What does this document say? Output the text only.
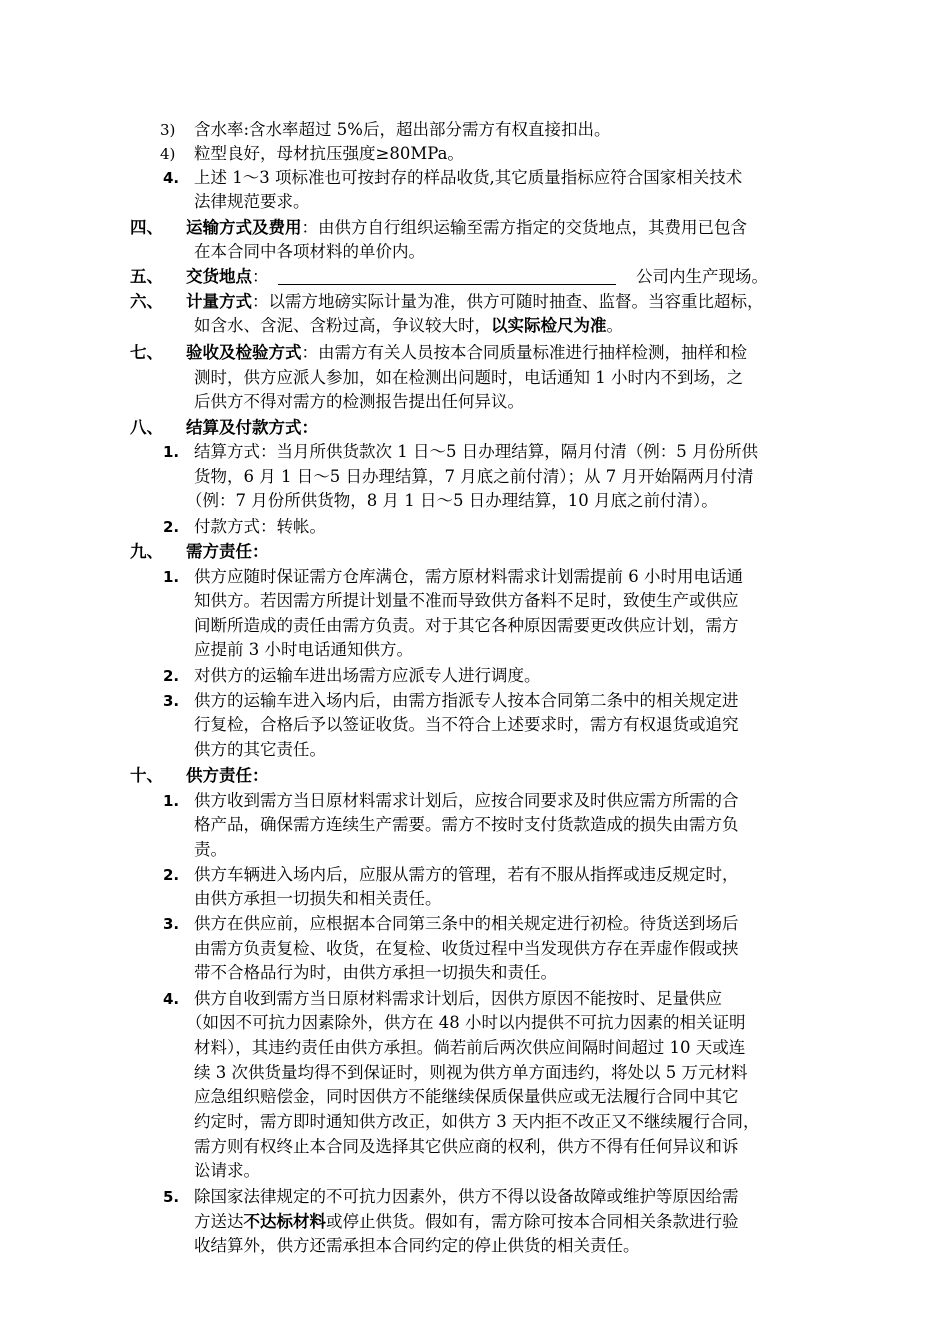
3) 含水率:含水率超过 5%后，超出部分需方有权直接扣出。
4) 粒型良好，母材抗压强度≥80MPa。
4. 上述 1～3 项标准也可按封存的样品收货,其它质量指标应符合国家相关技术
法律规范要求。
四、 运输方式及费用：由供方自行组织运输至需方指定的交货地点，其费用已包含
在本合同中各项材料的单价内。
五、 交货地点：	公司内生产现场。
六、 计量方式：以需方地磅实际计量为准，供方可随时抽查、监督。当容重比超标，
如含水、含泥、含粉过高，争议较大时，以实际检尺为准。
七、 验收及检验方式：由需方有关人员按本合同质量标准进行抽样检测，抽样和检
测时，供方应派人参加，如在检测出问题时，电话通知 1 小时内不到场，之
后供方不得对需方的检测报告提出任何异议。
八、 结算及付款方式：
1. 结算方式：当月所供货款次 1 日～5 日办理结算，隔月付清（例：5 月份所供
货物，6 月 1 日～5 日办理结算，7 月底之前付清）；从 7 月开始隔两月付清
（例：7 月份所供货物，8 月 1 日～5 日办理结算，10 月底之前付清）。
2. 付款方式：转帐。
九、 需方责任：
1. 供方应随时保证需方仓库满仓，需方原材料需求计划需提前 6 小时用电话通
知供方。若因需方所提计划量不准而导致供方备料不足时，致使生产或供应
间断所造成的责任由需方负责。对于其它各种原因需要更改供应计划，需方
应提前 3 小时电话通知供方。
2. 对供方的运输车进出场需方应派专人进行调度。
3. 供方的运输车进入场内后，由需方指派专人按本合同第二条中的相关规定进
行复检，合格后予以签证收货。当不符合上述要求时，需方有权退货或追究
供方的其它责任。
十、 供方责任：
1. 供方收到需方当日原材料需求计划后，应按合同要求及时供应需方所需的合
格产品，确保需方连续生产需要。需方不按时支付货款造成的损失由需方负
责。
2. 供方车辆进入场内后，应服从需方的管理，若有不服从指挥或违反规定时，
由供方承担一切损失和相关责任。
3. 供方在供应前，应根据本合同第三条中的相关规定进行初检。待货送到场后
由需方负责复检、收货，在复检、收货过程中当发现供方存在弄虚作假或挟
带不合格品行为时，由供方承担一切损失和责任。
4. 供方自收到需方当日原材料需求计划后，因供方原因不能按时、足量供应
（如因不可抗力因素除外，供方在 48 小时以内提供不可抗力因素的相关证明
材料），其违约责任由供方承担。倘若前后两次供应间隔时间超过 10 天或连
续 3 次供货量均得不到保证时，则视为供方单方面违约，将处以 5 万元材料
应急组织赔偿金，同时因供方不能继续保质保量供应或无法履行合同中其它
约定时，需方即时通知供方改正，如供方 3 天内拒不改正又不继续履行合同，
需方则有权终止本合同及选择其它供应商的权利，供方不得有任何异议和诉
讼请求。
5. 除国家法律规定的不可抗力因素外，供方不得以设备故障或维护等原因给需
方送达不达标材料或停止供货。假如有，需方除可按本合同相关条款进行验
收结算外，供方还需承担本合同约定的停止供货的相关责任。
